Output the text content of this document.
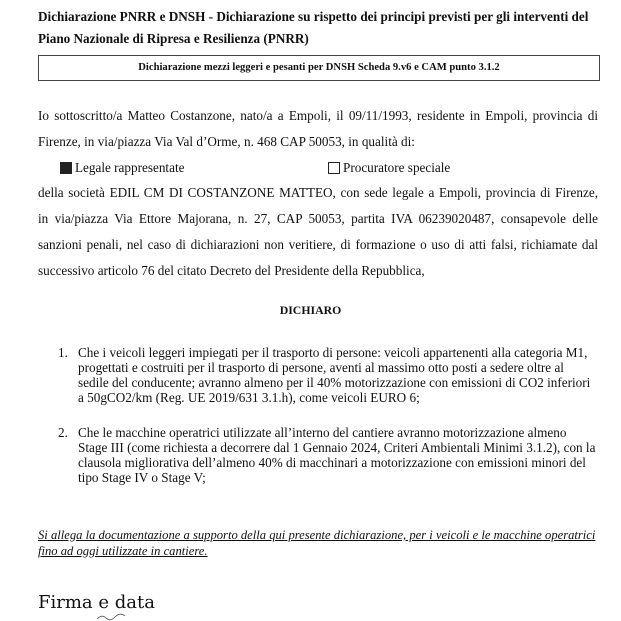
Dichiarazione PNRR e DNSH - Dichiarazione su rispetto dei principi previsti per gli interventi del Piano Nazionale di Ripresa e Resilienza (PNRR)
Dichiarazione mezzi leggeri e pesanti per DNSH Scheda 9.v6 e CAM punto 3.1.2
Io sottoscritto/a Matteo Costanzone, nato/a a Empoli, il 09/11/1993, residente in Empoli, provincia di Firenze, in via/piazza Via Val d’Orme, n. 468 CAP 50053, in qualità di:
Legale rappresentate	Procuratore speciale
della società EDIL CM DI COSTANZONE MATTEO, con sede legale a Empoli, provincia di Firenze,
in via/piazza Via Ettore Majorana, n. 27, CAP 50053, partita IVA 06239020487, consapevole delle
sanzioni penali, nel caso di dichiarazioni non veritiere, di formazione o uso di atti falsi, richiamate dal
successivo articolo 76 del citato Decreto del Presidente della Repubblica,
DICHIARO
1. Che i veicoli leggeri impiegati per il trasporto di persone: veicoli appartenenti alla categoria M1, progettati e costruiti per il trasporto di persone, aventi al massimo otto posti a sedere oltre al sedile del conducente; avranno almeno per il 40% motorizzazione con emissioni di CO2 inferiori a 50gCO2/km (Reg. UE 2019/631 3.1.h), come veicoli EURO 6;
2. Che le macchine operatrici utilizzate all’interno del cantiere avranno motorizzazione almeno Stage III (come richiesta a decorrere dal 1 Gennaio 2024, Criteri Ambientali Minimi 3.1.2), con la clausola migliorativa dell’almeno 40% di macchinari a motorizzazione con emissioni minori del tipo Stage IV o Stage V;
Si allega la documentazione a supporto della qui presente dichiarazione, per i veicoli e le macchine operatrici fino ad oggi utilizzate in cantiere.
Firma e data
